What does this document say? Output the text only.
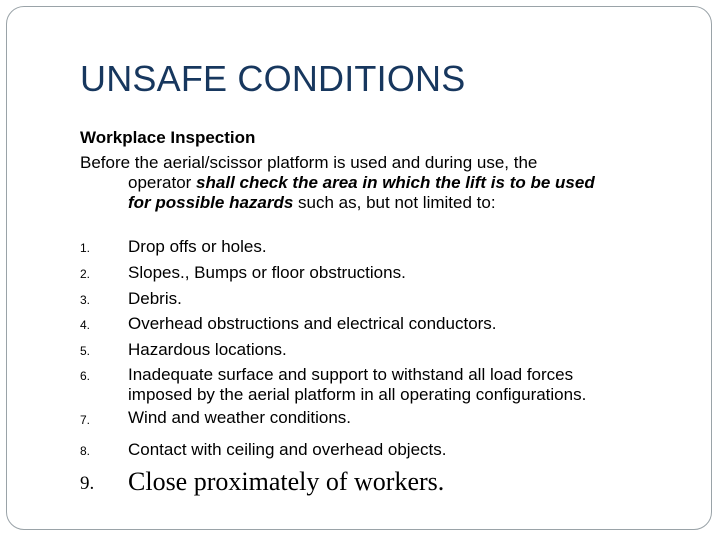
UNSAFE CONDITIONS
Workplace Inspection
Before the aerial/scissor platform is used and during use, the
operator shall check the area in which the lift is to be used
for possible hazards such as, but not limited to:
1. Drop offs or holes.
2. Slopes., Bumps or floor obstructions.
3. Debris.
4. Overhead obstructions and electrical conductors.
5. Hazardous locations.
6. Inadequate surface and support to withstand all load forces
imposed by the aerial platform in all operating configurations.
7. Wind and weather conditions.
8. Contact with ceiling and overhead objects.
9. Close proximately of workers.
